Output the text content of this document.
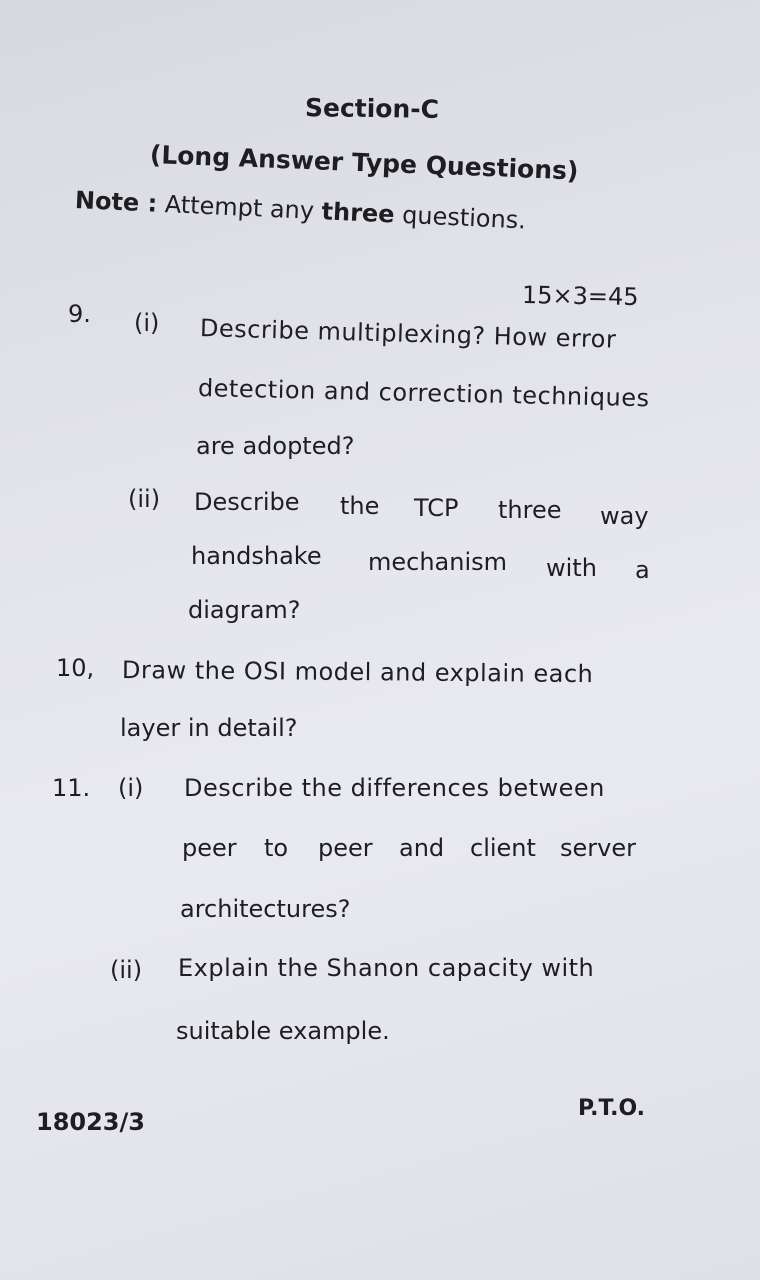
Section-C
(Long Answer Type Questions)
Note : Attempt any three questions.
15×3=45
9. (i) Describe multiplexing? How error
detection and correction techniques
are adopted?
(ii) Describe the TCP three way
handshake mechanism with a
diagram?
10, Draw the OSI model and explain each
layer in detail?
11. (i) Describe the differences between
peer to peer and client server
architectures?
(ii) Explain the Shanon capacity with
suitable example.
18023/3	P.T.O.
